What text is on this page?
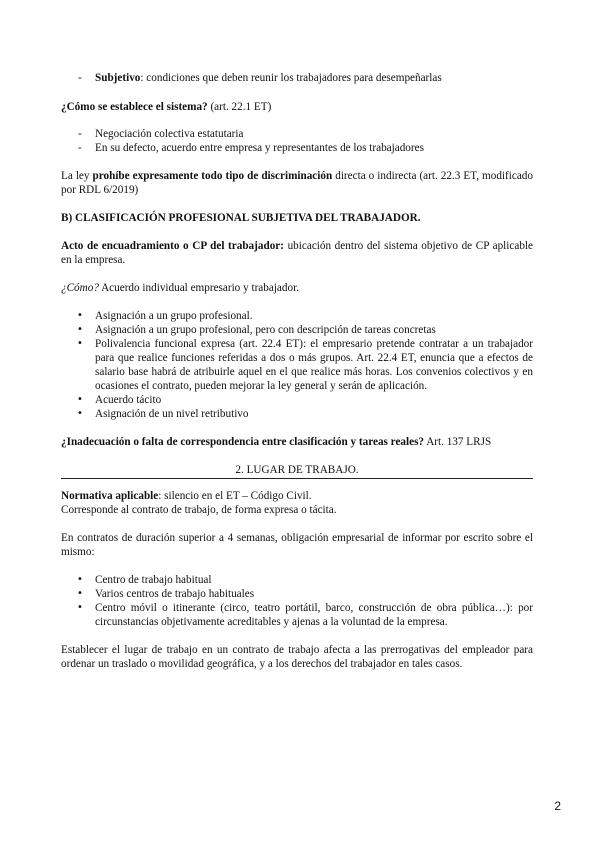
- Subjetivo: condiciones que deben reunir los trabajadores para desempeñarlas

¿Cómo se establece el sistema? (art. 22.1 ET)

- Negociación colectiva estatutaria
- En su defecto, acuerdo entre empresa y representantes de los trabajadores

La ley prohíbe expresamente todo tipo de discriminación directa o indirecta (art. 22.3 ET, modificado por RDL 6/2019)

B) CLASIFICACIÓN PROFESIONAL SUBJETIVA DEL TRABAJADOR.

Acto de encuadramiento o CP del trabajador: ubicación dentro del sistema objetivo de CP aplicable en la empresa.

¿Cómo? Acuerdo individual empresario y trabajador.

• Asignación a un grupo profesional.
• Asignación a un grupo profesional, pero con descripción de tareas concretas
• Polivalencia funcional expresa (art. 22.4 ET): el empresario pretende contratar a un trabajador para que realice funciones referidas a dos o más grupos. Art. 22.4 ET, enuncia que a efectos de salario base habrá de atribuirle aquel en el que realice más horas. Los convenios colectivos y en ocasiones el contrato, pueden mejorar la ley general y serán de aplicación.
• Acuerdo tácito
• Asignación de un nivel retributivo

¿Inadecuación o falta de correspondencia entre clasificación y tareas reales? Art. 137 LRJS

2. LUGAR DE TRABAJO.

Normativa aplicable: silencio en el ET – Código Civil.

Corresponde al contrato de trabajo, de forma expresa o tácita.

En contratos de duración superior a 4 semanas, obligación empresarial de informar por escrito sobre el mismo:

• Centro de trabajo habitual
• Varios centros de trabajo habituales
• Centro móvil o itinerante (circo, teatro portátil, barco, construcción de obra pública…): por circunstancias objetivamente acreditables y ajenas a la voluntad de la empresa.

Establecer el lugar de trabajo en un contrato de trabajo afecta a las prerrogativas del empleador para ordenar un traslado o movilidad geográfica, y a los derechos del trabajador en tales casos.

2
